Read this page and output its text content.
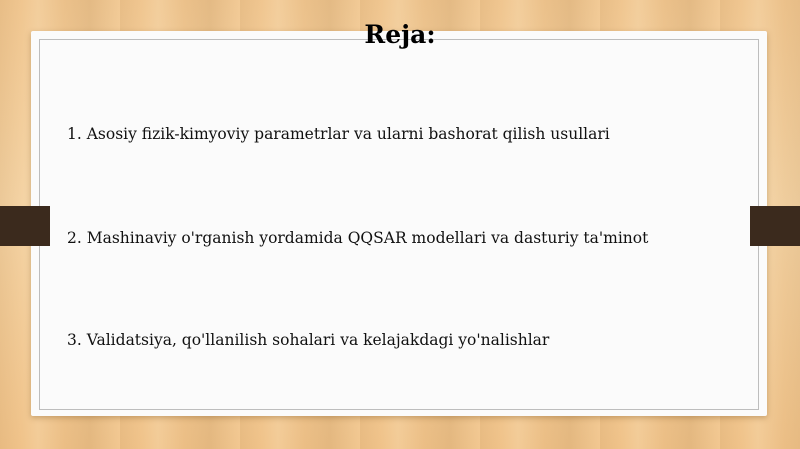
Reja:
1. Asosiy fizik-kimyoviy parametrlar va ularni bashorat qilish usullari
2. Mashinaviy o'rganish yordamida QQSAR modellari va dasturiy ta'minot
3. Validatsiya, qo'llanilish sohalari va kelajakdagi yo'nalishlar
